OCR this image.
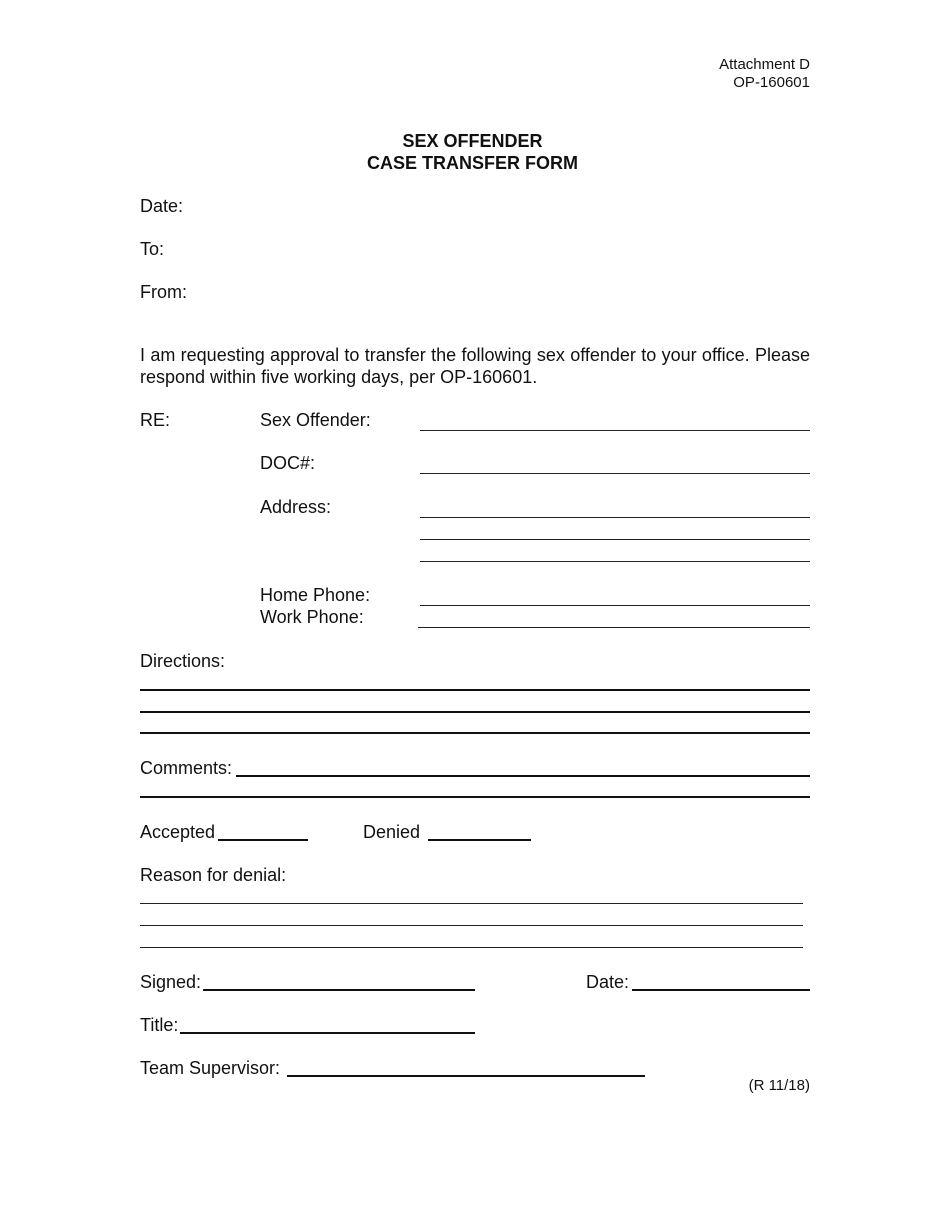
Attachment D
OP-160601
SEX OFFENDER
CASE TRANSFER FORM
Date:
To:
From:
I am requesting approval to transfer the following sex offender to your office. Please respond within five working days, per OP-160601.
RE:	Sex Offender:
DOC#:
Address:
Home Phone:
Work Phone:
Directions:
Comments:
Accepted	Denied
Reason for denial:
Signed:	Date:
Title:
Team Supervisor:
(R 11/18)
